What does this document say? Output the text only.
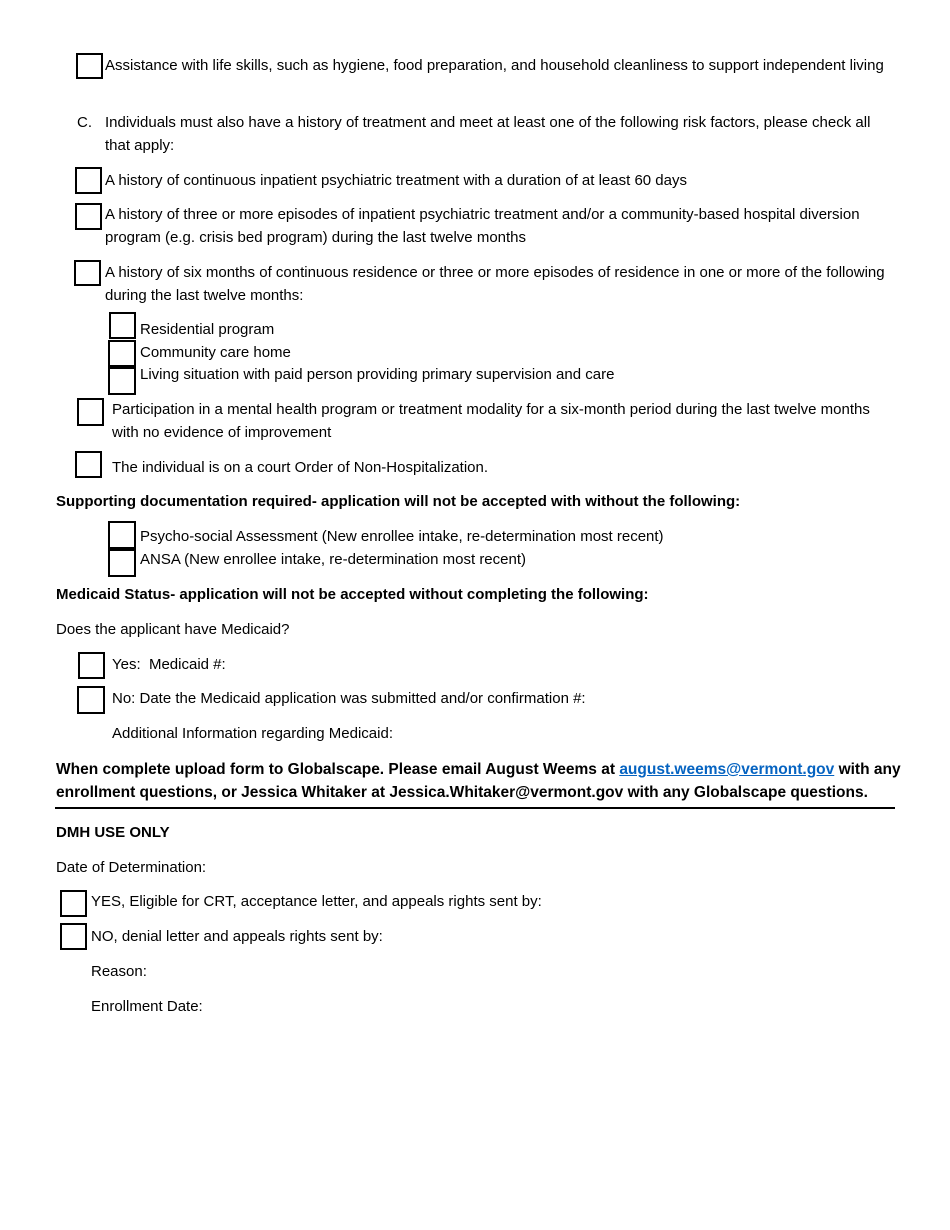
Assistance with life skills, such as hygiene, food preparation, and household cleanliness to support independent living
C. Individuals must also have a history of treatment and meet at least one of the following risk factors, please check all that apply:
A history of continuous inpatient psychiatric treatment with a duration of at least 60 days
A history of three or more episodes of inpatient psychiatric treatment and/or a community-based hospital diversion program (e.g. crisis bed program) during the last twelve months
A history of six months of continuous residence or three or more episodes of residence in one or more of the following during the last twelve months:
Residential program
Community care home
Living situation with paid person providing primary supervision and care
Participation in a mental health program or treatment modality for a six-month period during the last twelve months with no evidence of improvement
The individual is on a court Order of Non-Hospitalization.
Supporting documentation required- application will not be accepted with without the following:
Psycho-social Assessment (New enrollee intake, re-determination most recent)
ANSA (New enrollee intake, re-determination most recent)
Medicaid Status- application will not be accepted without completing the following:
Does the applicant have Medicaid?
Yes:  Medicaid #:
No: Date the Medicaid application was submitted and/or confirmation #:
Additional Information regarding Medicaid:
When complete upload form to Globalscape. Please email August Weems at august.weems@vermont.gov with any enrollment questions, or Jessica Whitaker at Jessica.Whitaker@vermont.gov with any Globalscape questions.
DMH USE ONLY
Date of Determination:
YES, Eligible for CRT, acceptance letter, and appeals rights sent by:
NO, denial letter and appeals rights sent by:
Reason:
Enrollment Date:
